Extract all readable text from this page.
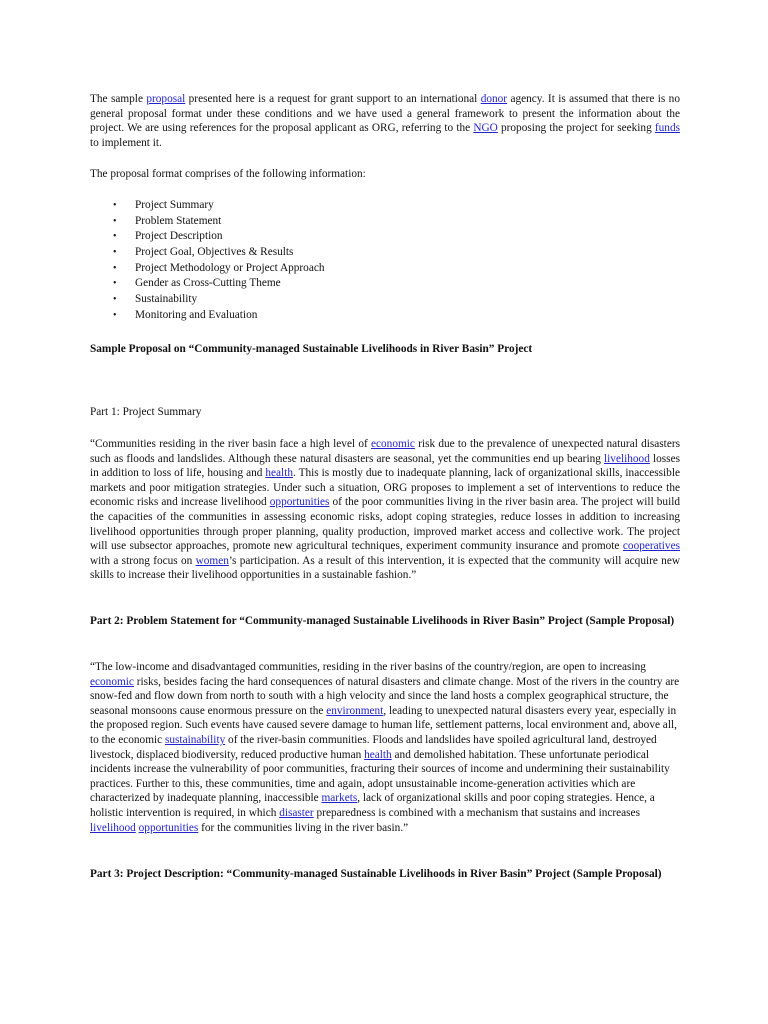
The sample proposal presented here is a request for grant support to an international donor agency. It is assumed that there is no general proposal format under these conditions and we have used a general framework to present the information about the project. We are using references for the proposal applicant as ORG, referring to the NGO proposing the project for seeking funds to implement it.

The proposal format comprises of the following information:

• Project Summary
• Problem Statement
• Project Description
• Project Goal, Objectives & Results
• Project Methodology or Project Approach
• Gender as Cross-Cutting Theme
• Sustainability
• Monitoring and Evaluation

Sample Proposal on “Community-managed Sustainable Livelihoods in River Basin” Project

Part 1: Project Summary

“Communities residing in the river basin face a high level of economic risk due to the prevalence of unexpected natural disasters such as floods and landslides. Although these natural disasters are seasonal, yet the communities end up bearing livelihood losses in addition to loss of life, housing and health. This is mostly due to inadequate planning, lack of organizational skills, inaccessible markets and poor mitigation strategies. Under such a situation, ORG proposes to implement a set of interventions to reduce the economic risks and increase livelihood opportunities of the poor communities living in the river basin area. The project will build the capacities of the communities in assessing economic risks, adopt coping strategies, reduce losses in addition to increasing livelihood opportunities through proper planning, quality production, improved market access and collective work. The project will use subsector approaches, promote new agricultural techniques, experiment community insurance and promote cooperatives with a strong focus on women’s participation. As a result of this intervention, it is expected that the community will acquire new skills to increase their livelihood opportunities in a sustainable fashion.”

Part 2: Problem Statement for “Community-managed Sustainable Livelihoods in River Basin” Project (Sample Proposal)

“The low-income and disadvantaged communities, residing in the river basins of the country/region, are open to increasing economic risks, besides facing the hard consequences of natural disasters and climate change. Most of the rivers in the country are snow-fed and flow down from north to south with a high velocity and since the land hosts a complex geographical structure, the seasonal monsoons cause enormous pressure on the environment, leading to unexpected natural disasters every year, especially in the proposed region. Such events have caused severe damage to human life, settlement patterns, local environment and, above all, to the economic sustainability of the river-basin communities. Floods and landslides have spoiled agricultural land, destroyed livestock, displaced biodiversity, reduced productive human health and demolished habitation. These unfortunate periodical incidents increase the vulnerability of poor communities, fracturing their sources of income and undermining their sustainability practices. Further to this, these communities, time and again, adopt unsustainable income-generation activities which are characterized by inadequate planning, inaccessible markets, lack of organizational skills and poor coping strategies. Hence, a holistic intervention is required, in which disaster preparedness is combined with a mechanism that sustains and increases livelihood opportunities for the communities living in the river basin.”

Part 3: Project Description: “Community-managed Sustainable Livelihoods in River Basin” Project (Sample Proposal)
